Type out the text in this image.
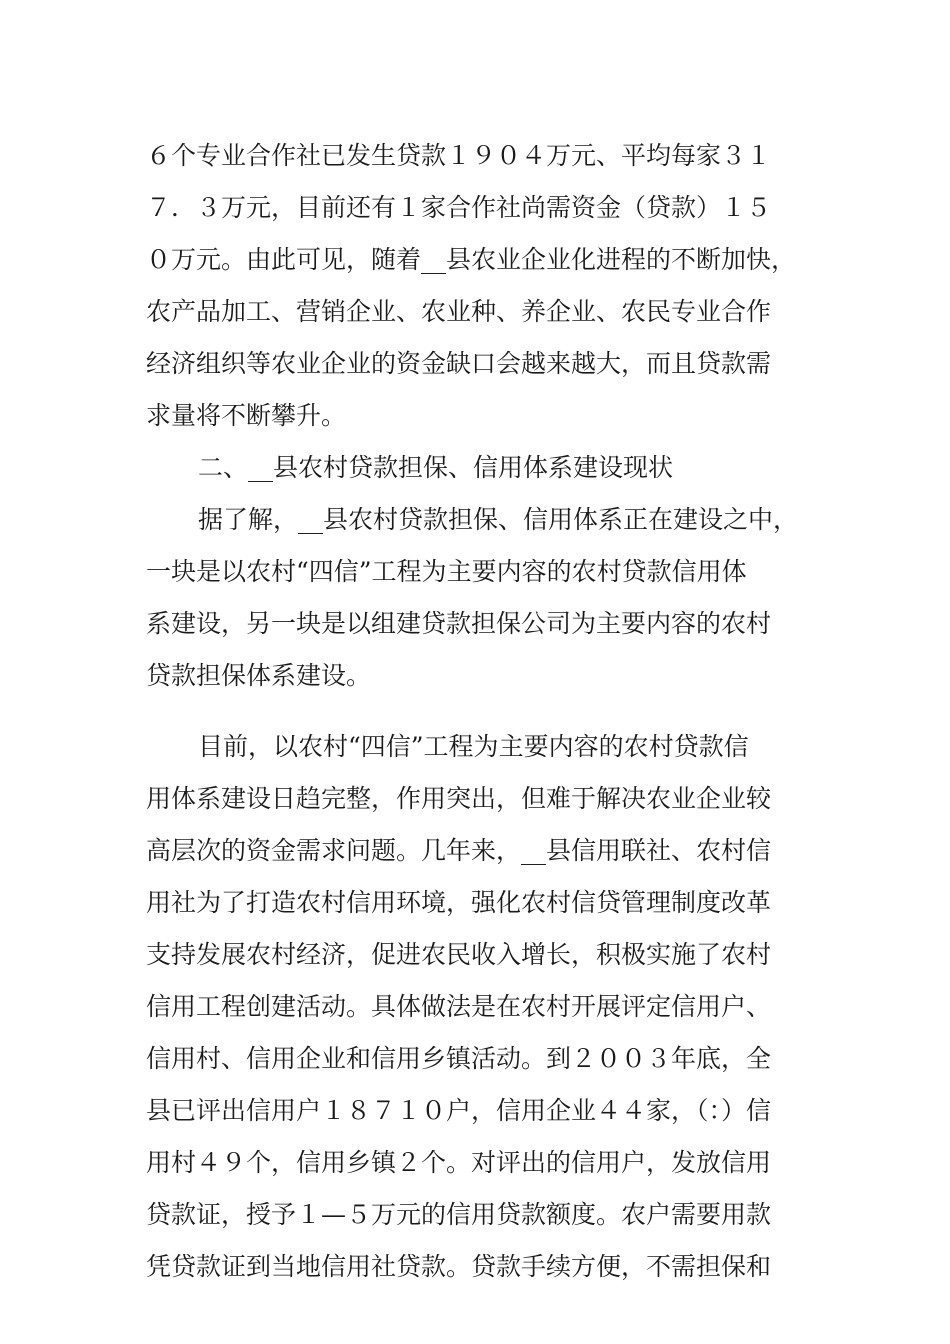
６个专业合作社已发生贷款１９０４万元、平均每家３１
７．３万元，目前还有１家合作社尚需资金（贷款）１５
０万元。由此可见，随着__县农业企业化进程的不断加快，
农产品加工、营销企业、农业种、养企业、农民专业合作
经济组织等农业企业的资金缺口会越来越大，而且贷款需
求量将不断攀升。
二、__县农村贷款担保、信用体系建设现状
据了解，__县农村贷款担保、信用体系正在建设之中，
一块是以农村“四信”工程为主要内容的农村贷款信用体
系建设，另一块是以组建贷款担保公司为主要内容的农村
贷款担保体系建设。
目前，以农村“四信”工程为主要内容的农村贷款信
用体系建设日趋完整，作用突出，但难于解决农业企业较
高层次的资金需求问题。几年来，__县信用联社、农村信
用社为了打造农村信用环境，强化农村信贷管理制度改革
支持发展农村经济，促进农民收入增长，积极实施了农村
信用工程创建活动。具体做法是在农村开展评定信用户、
信用村、信用企业和信用乡镇活动。到２００３年底，全
县已评出信用户１８７１０户，信用企业４４家，（：）信
用村４９个，信用乡镇２个。对评出的信用户，发放信用
贷款证，授予１—５万元的信用贷款额度。农户需要用款
凭贷款证到当地信用社贷款。贷款手续方便，不需担保和
